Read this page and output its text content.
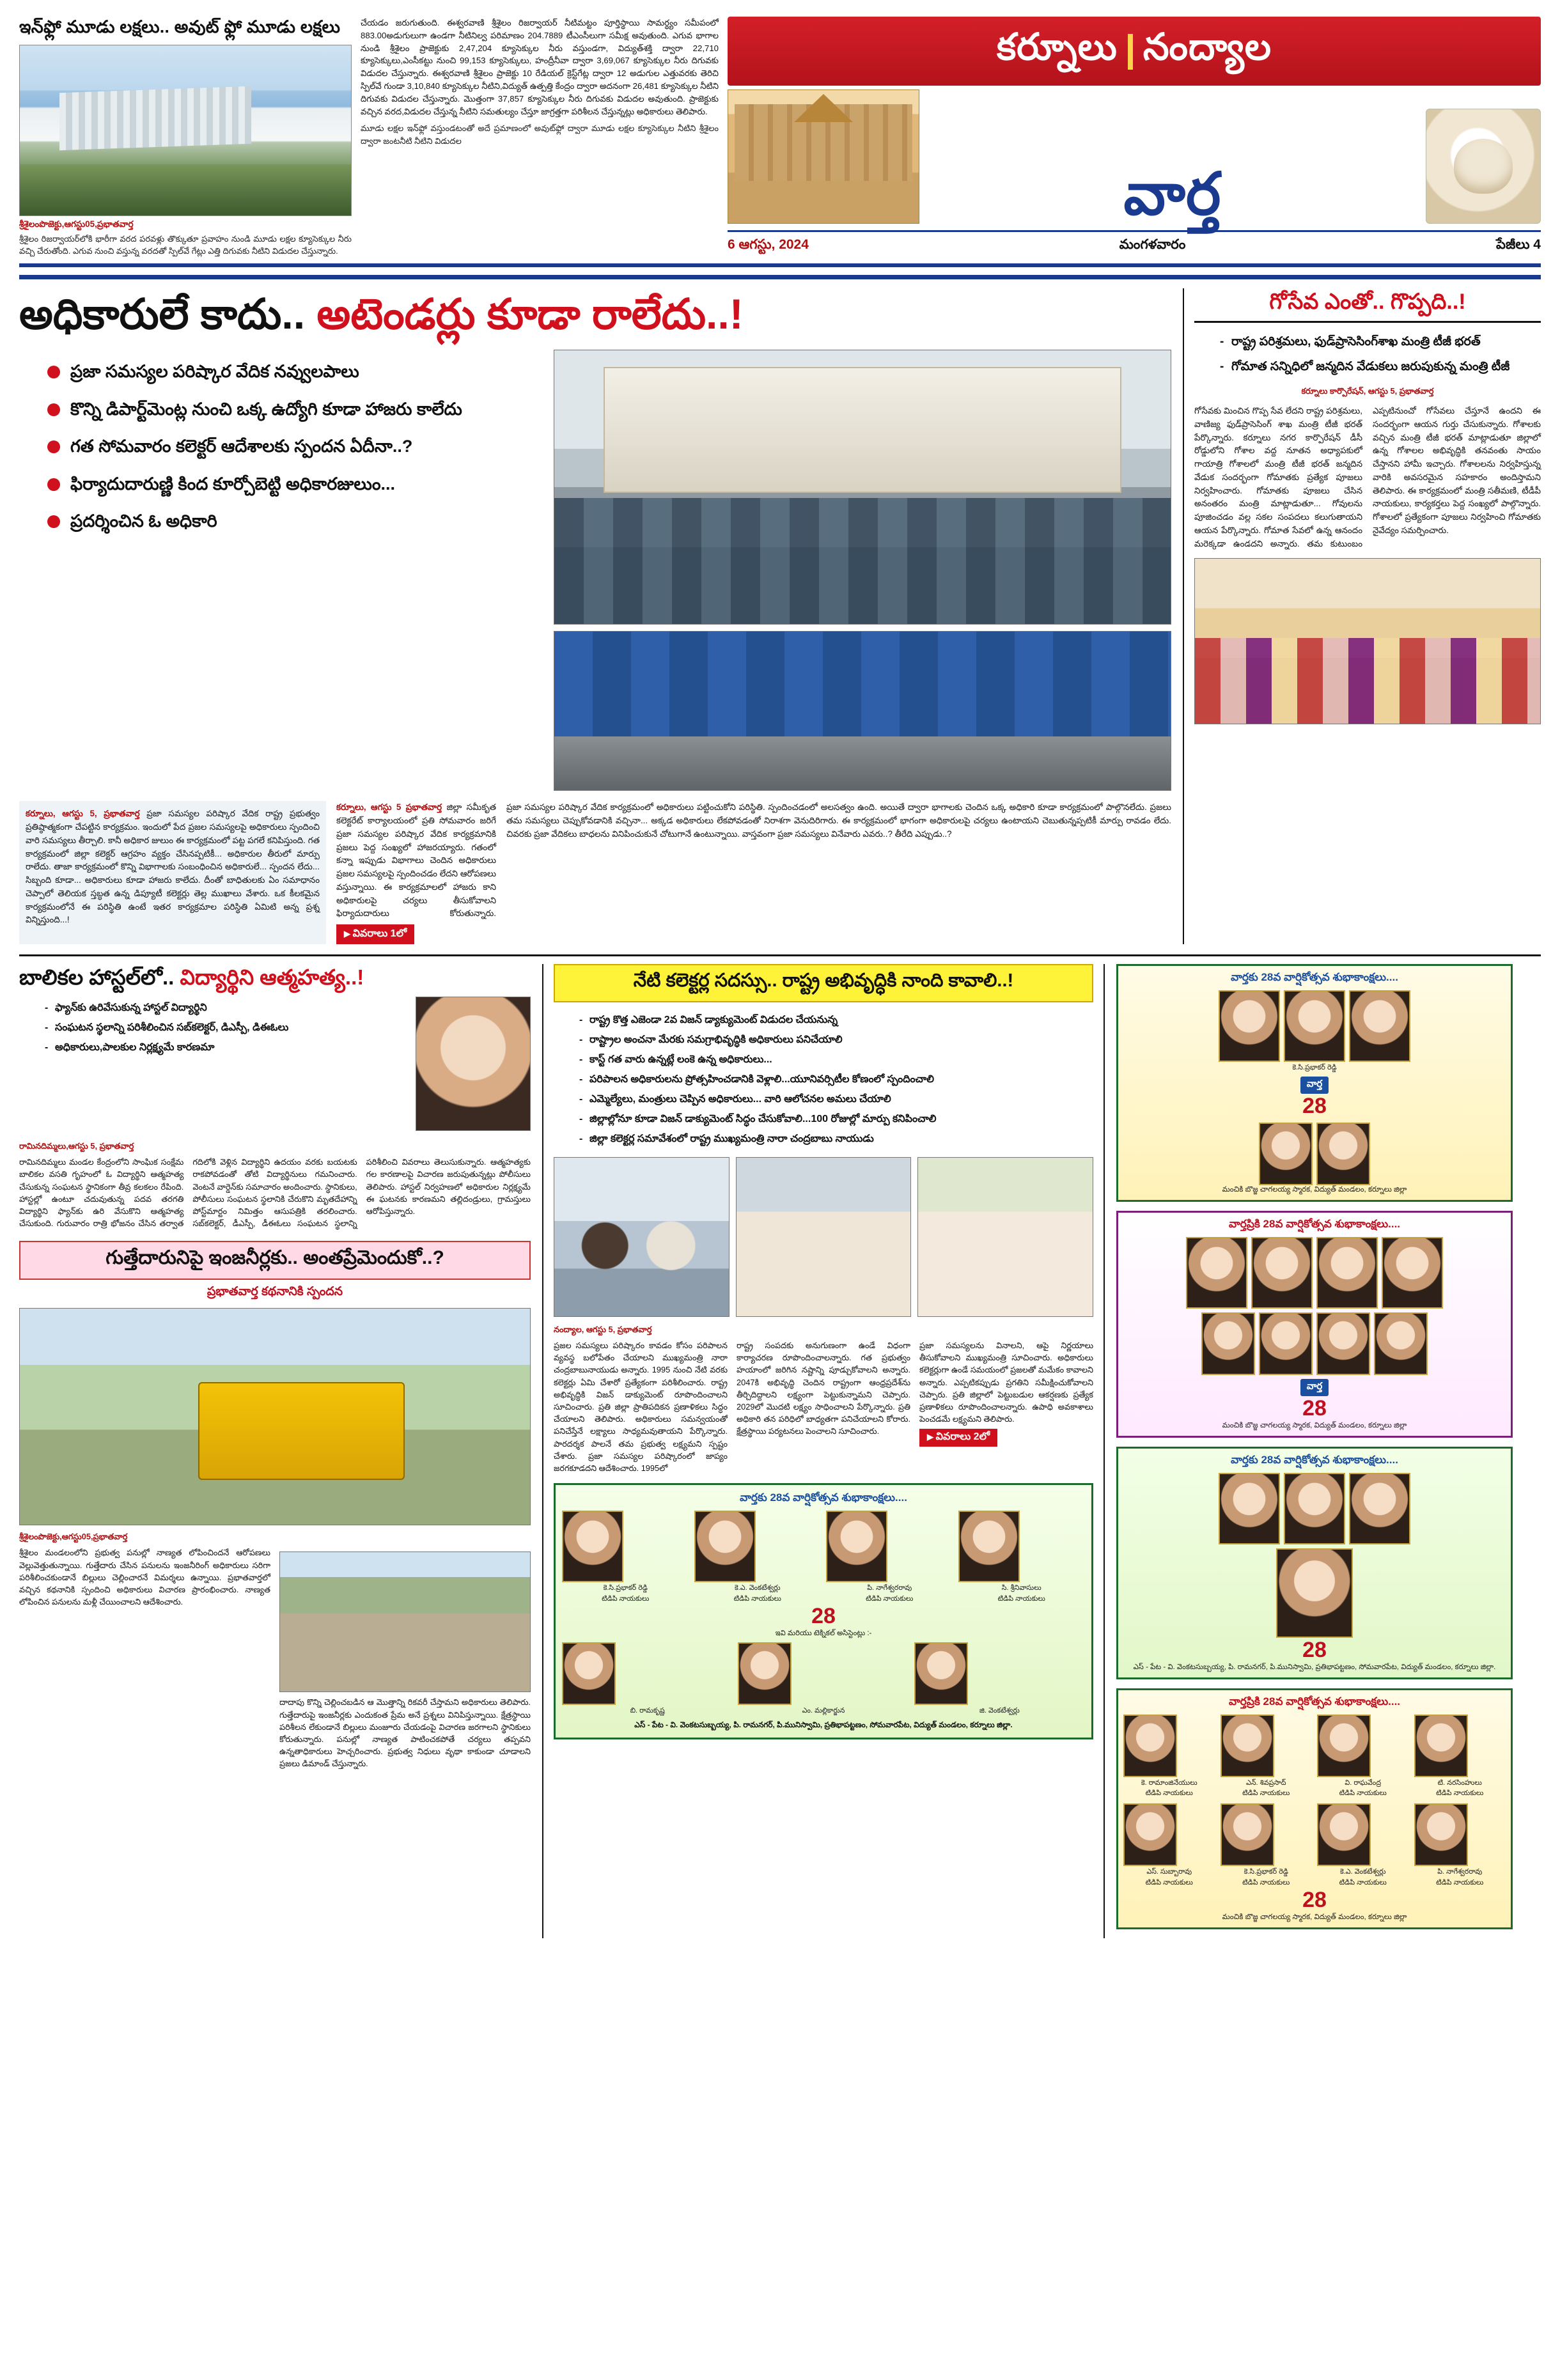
ఇన్‌ఫ్లో మూడు లక్షలు.. అవుట్ ఫ్లో మూడు లక్షలు
శ్రీశైలంపొజెక్టు,ఆగస్టు05,ప్రభాతవార్త
శ్రీశైలం రిజర్వాయర్‌లోకి భారీగా వరద పరవళ్లు తొక్కుతూ ప్రవాహం నుండి మూడు లక్షల క్యూసెక్కుల నీరు వచ్చి చేరుతోంది. ఎగువ నుంచి వస్తున్న వరదతో స్పిల్‌వే గేట్లు ఎత్తి దిగువకు నీటిని విడుదల చేస్తున్నారు.

చేయడం జరుగుతుంది. ఈశ్వరవాణి శ్రీశైలం రిజర్వాయర్ నీటిమట్టం పూర్తిస్థాయి సామర్థ్యం సమీపంలో 883.00అడుగులుగా ఉండగా నీటినిల్వ పరిమాణం 204.7889 టీఎంసీలుగా సమీక్ష అవుతుంది. ఎగువ భాగాల నుండి శ్రీశైలం ప్రాజెక్టుకు 2,47,204 క్యూసెక్కుల నీరు వస్తుండగా, విద్యుత్‌శక్తి ద్వారా 22,710 క్యూసెక్కులు,ఎంసీకట్టు నుంచి 99,153 క్యూసెక్కులు, హంద్రీనీవా ద్వారా 3,69,067 క్యూసెక్కుల నీరు దిగువకు విడుదల చేస్తున్నారు. ఈశ్వరవాణి శ్రీశైలం ప్రాజెక్టు 10 రేడియల్ క్రెస్ట్‌గేట్ల ద్వారా 12 అడుగుల ఎత్తువరకు తెరిచి స్పిల్‌వే గుండా 3,10,840 క్యూసెక్కుల నీటిని,విద్యుత్ ఉత్పత్తి కేంద్రం ద్వారా అదనంగా 26,481 క్యూసెక్కుల నీటిని దిగువకు విడుదల చేస్తున్నారు. మొత్తంగా 37,857 క్యూసెక్కుల నీరు దిగువకు విడుదల అవుతుంది. ప్రాజెక్టుకు వచ్చిన వరద,విడుదల చేస్తున్న నీటిని సమతుల్యం చేస్తూ జాగ్రత్తగా పరిశీలన చేస్తున్నట్లు అధికారులు తెలిపారు.

మూడు లక్షల ఇన్‌ఫ్లో వస్తుండటంతో అదే ప్రమాణంలో అవుట్‌ఫ్లో ద్వారా మూడు లక్షల క్యూసెక్కుల నీటిని శ్రీశైలం ద్వారా జంటనీటి నీటిని విడుదల

కర్నూలు నంద్యాల
వార్త
6 ఆగస్టు, 2024	మంగళవారం	పేజీలు 4
అధికారులే కాదు.. అటెండర్లు కూడా రాలేదు..!
ప్రజా సమస్యల పరిష్కార వేదిక నవ్వులపాలు
కొన్ని డిపార్ట్‌మెంట్ల నుంచి ఒక్క ఉద్యోగి కూడా హాజరు కాలేదు
గత సోమవారం కలెక్టర్ ఆదేశాలకు స్పందన ఏదీనా..?
ఫిర్యాదుదారుణ్ణి కింద కూర్చోబెట్టి అధికారజులుం...
ప్రదర్శించిన ఓ అధికారి
కర్నూలు, ఆగస్టు 5, ప్రభాతవార్త ప్రజా సమస్యల పరిష్కార వేదిక రాష్ట్ర ప్రభుత్వం ప్రతిష్ఠాత్మకంగా చేపట్టిన కార్యక్రమం. ఇందులో పేద ప్రజల సమస్యలపై అధికారులు స్పందించి వారి సమస్యలు తీర్చాలి. కానీ అధికార జులుం ఈ కార్యక్రమంలో పట్ట పగలే కనిపిస్తుంది. గత కార్యక్రమంలో జిల్లా కలెక్టర్ ఆగ్రహం వ్యక్తం చేసినప్పటికీ... అధికారుల తీరులో మార్పు రాలేదు. తాజా కార్యక్రమంలో కొన్ని విభాగాలకు సంబంధించిన అధికారులే... స్పందన లేదు... సిబ్బంది కూడా... అధికారులు కూడా హాజరు కాలేదు. దీంతో బాధితులకు ఏం సమాధానం చెప్పాలో తెలియక స్తబ్ధత ఉన్న డిప్యూటీ కలెక్టర్లు తెల్ల ముఖాలు వేశారు. ఒక కీలకమైన కార్యక్రమంలోనే ఈ పరిస్థితి ఉంటే ఇతర కార్యక్రమాల పరిస్థితి ఏమిటి అన్న ప్రశ్న విన్నిస్తుంది...!
కర్నూలు, ఆగస్టు 5 ప్రభాతవార్త జిల్లా సమీకృత కలెక్టరేట్ కార్యాలయంలో ప్రతి సోమవారం జరిగే ప్రజా సమస్యల పరిష్కార వేదిక కార్యక్రమానికి ప్రజలు పెద్ద సంఖ్యలో హాజరయ్యారు. గతంలో కన్నా ఇప్పుడు విభాగాలు చెందిన అధికారులు ప్రజల సమస్యలపై స్పందించడం లేదని ఆరోపణలు వస్తున్నాయి. ఈ కార్యక్రమాలలో హాజరు కాని అధికారులపై చర్యలు తీసుకోవాలని ఫిర్యాదుదారులు కోరుతున్నారు. ▶ వివరాలు 1లో
ప్రజా సమస్యల పరిష్కార వేదిక కార్యక్రమంలో అధికారులు పట్టించుకోని పరిస్థితి. స్పందించడంలో అలసత్వం ఉంది. అయితే ద్వారా భాగాలకు చెందిన ఒక్క అధికారి కూడా కార్యక్రమంలో పాల్గొనలేదు. ప్రజలు తమ సమస్యలు చెప్పుకోవడానికి వచ్చినా... అక్కడ అధికారులు లేకపోవడంతో నిరాశగా వెనుదిరిగారు. ఈ కార్యక్రమంలో భాగంగా అధికారులపై చర్యలు ఉంటాయని చెబుతున్నప్పటికీ మార్పు రావడం లేదు. చివరకు ప్రజా వేదికలు బాధలను వినిపించుకునే చోటుగానే ఉంటున్నాయి. వాస్తవంగా ప్రజా సమస్యలు వినేవారు ఎవరు..? తీరేది ఎప్పుడు..?
గోసేవ ఎంతో.. గొప్పది..!
- రాష్ట్ర పరిశ్రమలు, ఫుడ్‌ప్రాసెసింగ్‌శాఖ మంత్రి టీజీ భరత్
- గోమాత సన్నిధిలో జన్మదిన వేడుకలు జరుపుకున్న మంత్రి టీజీ
కర్నూలు కార్పొరేషన్, ఆగస్టు 5, ప్రభాతవార్త
గోసేవకు మించిన గొప్ప సేవ లేదని రాష్ట్ర పరిశ్రమలు, వాణిజ్య ఫుడ్‌ప్రాసెసింగ్ శాఖ మంత్రి టీజీ భరత్ పేర్కొన్నారు. కర్నూలు నగర కార్పొరేషన్ డీసీ రోడ్డులోని గోశాల వద్ద నూతన అధ్యాపకులో గాయాత్రి గోశాలలో మంత్రి టీజీ భరత్ జన్మదిన వేడుక సందర్భంగా గోమాతకు ప్రత్యేక పూజలు నిర్వహించారు. గోమాతకు పూజలు చేసిన అనంతరం మంత్రి మాట్లాడుతూ... గోవులను పూజించడం వల్ల సకల సంపదలు కలుగుతాయని ఆయన పేర్కొన్నారు. గోమాత సేవలో ఉన్న ఆనందం మరెక్కడా ఉండదని అన్నారు. తమ కుటుంబం ఎప్పటినుంచో గోసేవలు చేస్తూనే ఉందని ఈ సందర్భంగా ఆయన గుర్తు చేసుకున్నారు. గోశాలకు వచ్చిన మంత్రి టీజీ భరత్ మాట్లాడుతూ జిల్లాలో ఉన్న గోశాలల అభివృద్ధికి తనవంతు సాయం చేస్తానని హామీ ఇచ్చారు. గోశాలలను నిర్వహిస్తున్న వారికి అవసరమైన సహకారం అందిస్తామని తెలిపారు. ఈ కార్యక్రమంలో మంత్రి సతీమణి, టీడీపీ నాయకులు, కార్యకర్తలు పెద్ద సంఖ్యలో పాల్గొన్నారు. గోశాలలో ప్రత్యేకంగా పూజలు నిర్వహించి గోమాతకు నైవేద్యం సమర్పించారు.
బాలికల హాస్టల్‌లో.. విద్యార్థిని ఆత్మహత్య..!
- ఫ్యాన్‌కు ఉరివేసుకున్న హాస్టల్ విద్యార్థిని
- సంఘటన స్థలాన్ని పరిశీలించిన సబ్‌కలెక్టర్, డిఎస్పీ, డిఈఓలు
- అధికారులు,పాలకుల నిర్లక్ష్యమే కారణమా
రామినదిమ్మలు,ఆగస్టు 5, ప్రభాతవార్త
రామినదిమ్మలు మండల కేంద్రంలోని సాంఘిక సంక్షేమ బాలికల వసతి గృహంలో ఓ విద్యార్థిని ఆత్మహత్య చేసుకున్న సంఘటన స్థానికంగా తీవ్ర కలకలం రేపింది. హాస్టల్లో ఉంటూ చదువుతున్న పదవ తరగతి విద్యార్థిని ఫ్యాన్‌కు ఉరి వేసుకొని ఆత్మహత్య చేసుకుంది. గురువారం రాత్రి భోజనం చేసిన తర్వాత గదిలోకి వెళ్లిన విద్యార్థిని ఉదయం వరకు బయటకు రాకపోవడంతో తోటి విద్యార్థినులు గమనించారు. వెంటనే వార్డెన్‌కు సమాచారం అందించారు. స్థానికులు, పోలీసులు సంఘటన స్థలానికి చేరుకొని మృతదేహాన్ని పోస్ట్‌మార్టం నిమిత్తం ఆసుపత్రికి తరలించారు. సబ్‌కలెక్టర్, డీఎస్పీ, డీఈఓలు సంఘటన స్థలాన్ని పరిశీలించి వివరాలు తెలుసుకున్నారు. ఆత్మహత్యకు గల కారణాలపై విచారణ జరుపుతున్నట్లు పోలీసులు తెలిపారు. హాస్టల్ నిర్వహణలో అధికారుల నిర్లక్ష్యమే ఈ ఘటనకు కారణమని తల్లిదండ్రులు, గ్రామస్తులు ఆరోపిస్తున్నారు.
గుత్తేదారునిపై ఇంజనీర్లకు.. అంతప్రేమెందుకో..?
ప్రభాతవార్త కథనానికి స్పందన
శ్రీశైలంపొజెక్టు,ఆగస్టు05,ప్రభాతవార్త
శ్రీశైలం మండలంలోని ప్రభుత్వ పనుల్లో నాణ్యత లోపించిందనే ఆరోపణలు వెల్లువెత్తుతున్నాయి. గుత్తేదారు చేసిన పనులను ఇంజనీరింగ్ అధికారులు సరిగా పరిశీలించకుండానే బిల్లులు చెల్లించారనే విమర్శలు ఉన్నాయి. ప్రభాతవార్తలో వచ్చిన కథనానికి స్పందించి అధికారులు విచారణ ప్రారంభించారు. నాణ్యత లోపించిన పనులను మళ్లీ చేయించాలని ఆదేశించారు.
దాదాపు కొన్ని చెల్లించబడిన ఆ మొత్తాన్ని రికవరీ చేస్తామని అధికారులు తెలిపారు. గుత్తేదారుపై ఇంజనీర్లకు ఎందుకంత ప్రేమ అనే ప్రశ్నలు వినిపిస్తున్నాయి. క్షేత్రస్థాయి పరిశీలన లేకుండానే బిల్లులు మంజూరు చేయడంపై విచారణ జరగాలని స్థానికులు కోరుతున్నారు. పనుల్లో నాణ్యత పాటించకపోతే చర్యలు తప్పవని ఉన్నతాధికారులు హెచ్చరించారు. ప్రభుత్వ నిధులు వృథా కాకుండా చూడాలని ప్రజలు డిమాండ్ చేస్తున్నారు.
నేటి కలెక్టర్ల సదస్సు.. రాష్ట్ర అభివృద్ధికి నాంది కావాలి..!
- రాష్ట్ర కొత్త ఎజెండా 2వ విజన్ డ్యాక్యుమెంట్ విడుదల చేయనున్న
- రాష్ట్రాల అంచనా మేరకు సమగ్రాభివృద్ధికి అధికారులు పనిచేయాలి
- కాస్ట్ గత వారు ఉన్నట్లే లంకె ఉన్న అధికారులు...
- పరిపాలన అధికారులను ప్రోత్సహించడానికి వెళ్లాలి...యూనివర్సిటీల కోణంలో స్పందించాలి
- ఎమ్మెల్యేలు, మంత్రులు చెప్పిన అధికారులు... వారి ఆలోచనల అమలు చేయాలి
- జిల్లాల్లోనూ కూడా విజన్ డాక్యుమెంట్ సిద్ధం చేసుకోవాలి...100 రోజుల్లో మార్పు కనిపించాలి
- జిల్లా కలెక్టర్ల సమావేశంలో రాష్ట్ర ముఖ్యమంత్రి నారా చంద్రబాబు నాయుడు
నంద్యాల, ఆగస్టు 5, ప్రభాతవార్త
ప్రజల సమస్యలు పరిష్కారం కావడం కోసం పరిపాలన వ్యవస్థ బలోపేతం చేయాలని ముఖ్యమంత్రి నారా చంద్రబాబునాయుడు అన్నారు. 1995 నుంచి నేటి వరకు కలెక్టర్లు ఏమి చేశారో ప్రత్యేకంగా పరిశీలించారు. రాష్ట్ర అభివృద్ధికి విజన్ డాక్యుమెంట్ రూపొందించాలని సూచించారు. ప్రతి జిల్లా ప్రాతిపదికన ప్రణాళికలు సిద్ధం చేయాలని తెలిపారు. అధికారులు సమన్వయంతో పనిచేస్తేనే లక్ష్యాలు సాధ్యమవుతాయని పేర్కొన్నారు. పారదర్శక పాలనే తమ ప్రభుత్వ లక్ష్యమని స్పష్టం చేశారు. ప్రజా సమస్యల పరిష్కారంలో జాప్యం జరగకూడదని ఆదేశించారు. 1995లో
రాష్ట్ర సంపదకు అనుగుణంగా ఉండే విధంగా కార్యాచరణ రూపొందించాలన్నారు. గత ప్రభుత్వం హయాంలో జరిగిన నష్టాన్ని పూడ్చుకోవాలని అన్నారు. 2047కి అభివృద్ధి చెందిన రాష్ట్రంగా ఆంధ్రప్రదేశ్‌ను తీర్చిదిద్దాలని లక్ష్యంగా పెట్టుకున్నామని చెప్పారు. 2029లో మొదటి లక్ష్యం సాధించాలని పేర్కొన్నారు. ప్రతి అధికారి తన పరిధిలో బాధ్యతగా పనిచేయాలని కోరారు. క్షేత్రస్థాయి పర్యటనలు పెంచాలని సూచించారు.
ప్రజా సమస్యలను వినాలని, ఆపై నిర్ణయాలు తీసుకోవాలని ముఖ్యమంత్రి సూచించారు. అధికారులు కలెక్టర్లుగా ఉండే సమయంలో ప్రజలతో మమేకం కావాలని అన్నారు. ఎప్పటికప్పుడు ప్రగతిని సమీక్షించుకోవాలని చెప్పారు. ప్రతి జిల్లాలో పెట్టుబడుల ఆకర్షణకు ప్రత్యేక ప్రణాళికలు రూపొందించాలన్నారు. ఉపాధి అవకాశాలు పెంచడమే లక్ష్యమని తెలిపారు.
▶ వివరాలు 2లో
వార్తకు 28వ వార్షికోత్సవ శుభాకాంక్షలు....
కె.సి.ప్రభాకర్ రెడ్డి
టిడిపి నాయకులు
కె.ఎ. వెంకటేశ్వర్లు
టిడిపి నాయకులు
పి. నాగేశ్వరరావు
టిడిపి నాయకులు
సి. శ్రీనివాసులు
టిడిపి నాయకులు
28
ఇవి మరియు టెక్నికల్ అసిస్టెంట్లు :-
బి. రామకృష్ణ	ఎం. మల్లికార్జున	జి. వెంకటేశ్వర్లు
ఎస్ - పేట - వి. వెంకటసుబ్బయ్య, పి. రామనగర్, పి.మునిస్వామి, ప్రతిభాపట్టణం, సోమవారపేట, విద్యుత్ మండలం, కర్నూలు జిల్లా.
వార్తకు 28వ వార్షికోత్సవ శుభాకాంక్షలు....
కె.సి.ప్రభాకర్ రెడ్డి
వార్త
28
మంచికి బొజ్జ చాగలయ్య స్మారక, విద్యుత్ మండలం, కర్నూలు జిల్లా
వార్తప్రికి 28వ వార్షికోత్సవ శుభాకాంక్షలు....
వార్త
28
మంచికి బొజ్జ చాగలయ్య స్మారక, విద్యుత్ మండలం, కర్నూలు జిల్లా
వార్తకు 28వ వార్షికోత్సవ శుభాకాంక్షలు....
28
ఎస్ - పేట - వి. వెంకటసుబ్బయ్య, పి. రామనగర్, పి.మునిస్వామి, ప్రతిభాపట్టణం, సోమవారపేట, విద్యుత్ మండలం, కర్నూలు జిల్లా.
వార్తప్రికి 28వ వార్షికోత్సవ శుభాకాంక్షలు....
కె. రామాంజినేయులు
టిడిపి నాయకులు
ఎన్. శివప్రసాద్
టిడిపి నాయకులు
వి. రాఘవేంద్ర
టిడిపి నాయకులు
టి. నరసింహులు
టిడిపి నాయకులు
ఎస్. సుబ్బారావు
టిడిపి నాయకులు
కె.సి.ప్రభాకర్ రెడ్డి
టిడిపి నాయకులు
కె.ఎ. వెంకటేశ్వర్లు
టిడిపి నాయకులు
పి. నాగేశ్వరరావు
టిడిపి నాయకులు
28
మంచికి బొజ్జ చాగలయ్య స్మారక, విద్యుత్ మండలం, కర్నూలు జిల్లా
